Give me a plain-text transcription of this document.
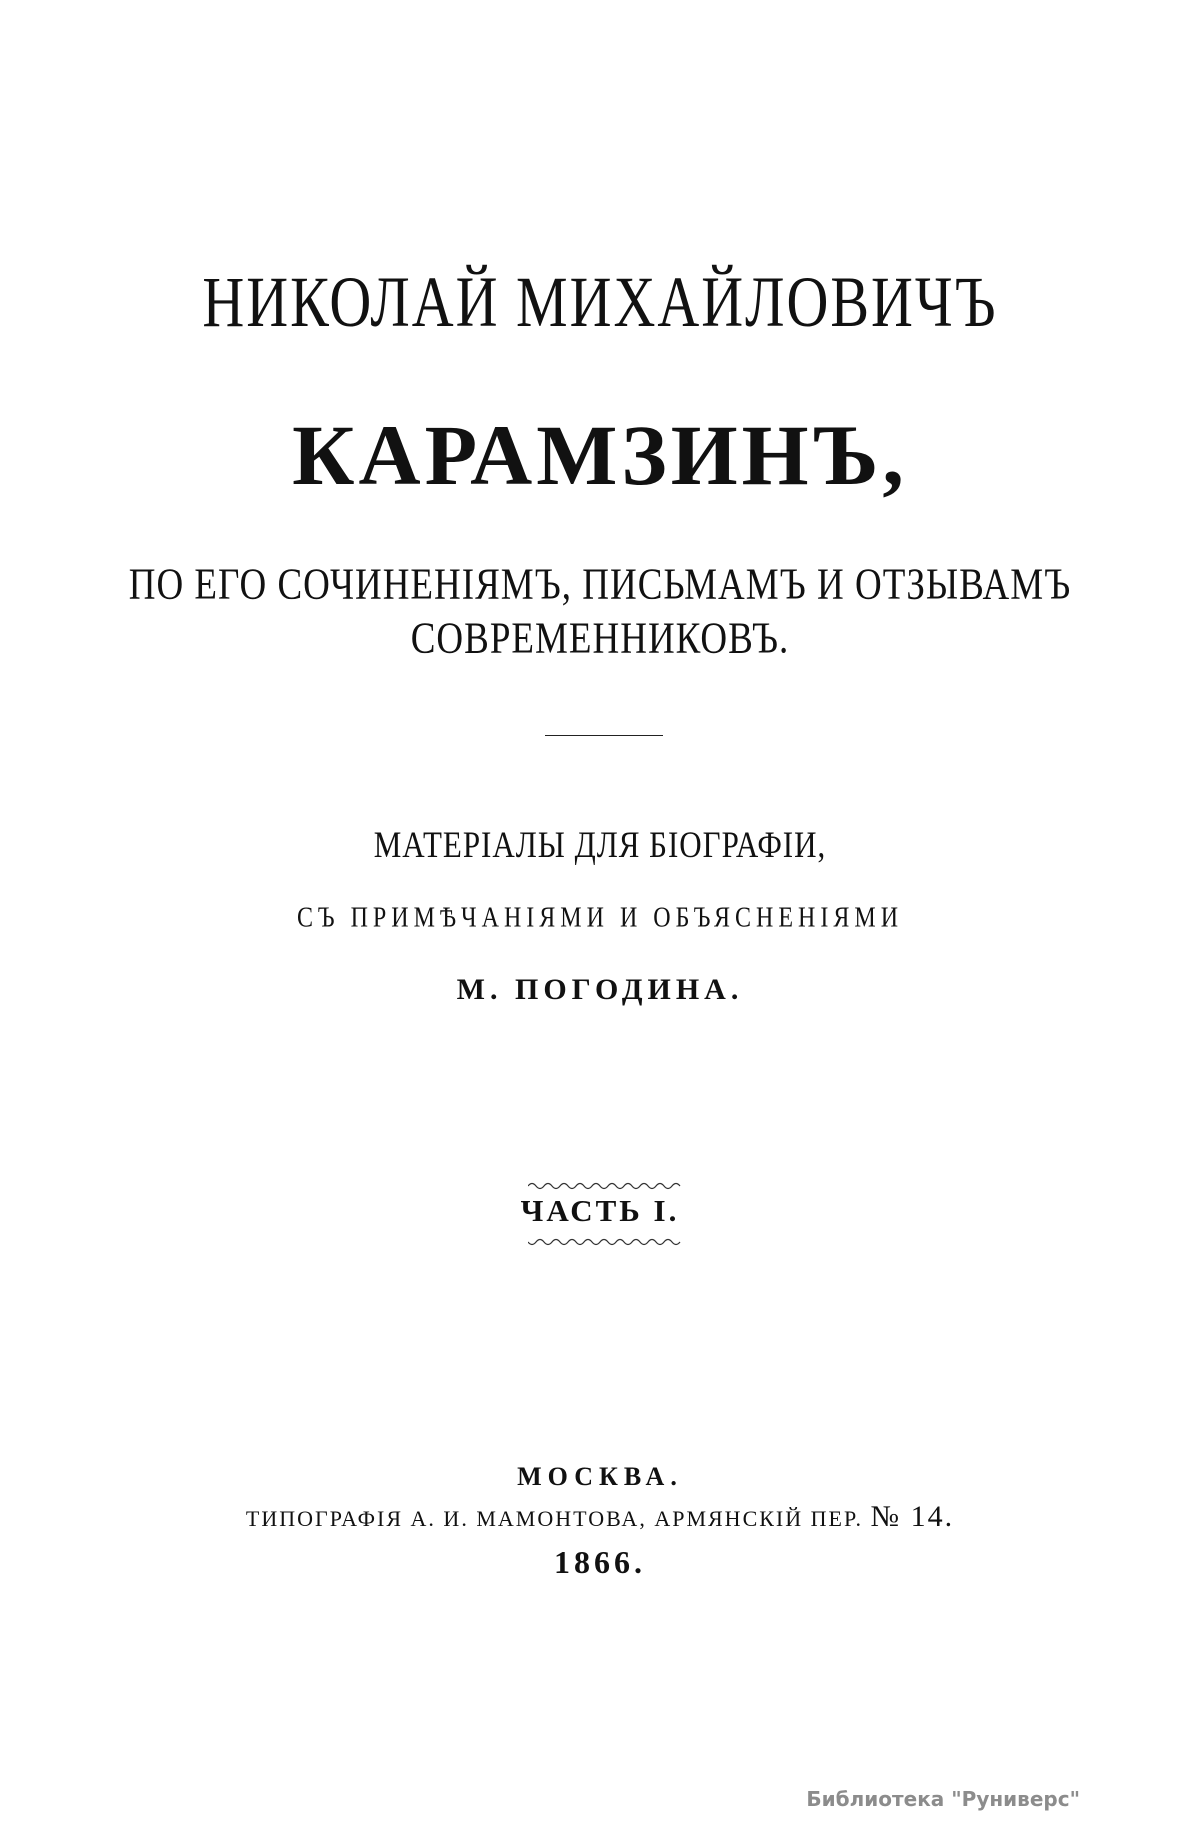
НИКОЛАЙ МИХАЙЛОВИЧЪ
КАРАМЗИНЪ,
ПО ЕГО СОЧИНЕНІЯМЪ, ПИСЬМАМЪ И ОТЗЫВАМЪ
СОВРЕМЕННИКОВЪ.
МАТЕРІАЛЫ ДЛЯ БІОГРАФІИ,
СЪ ПРИМѢЧАНІЯМИ И ОБЪЯСНЕНІЯМИ
М. ПОГОДИНА.
ЧАСТЬ I.
МОСКВА.
ТИПОГРАФІЯ А. И. МАМОНТОВА, АРМЯНСКІЙ ПЕР. № 14.
1866.
Библиотека "Руниверс"
